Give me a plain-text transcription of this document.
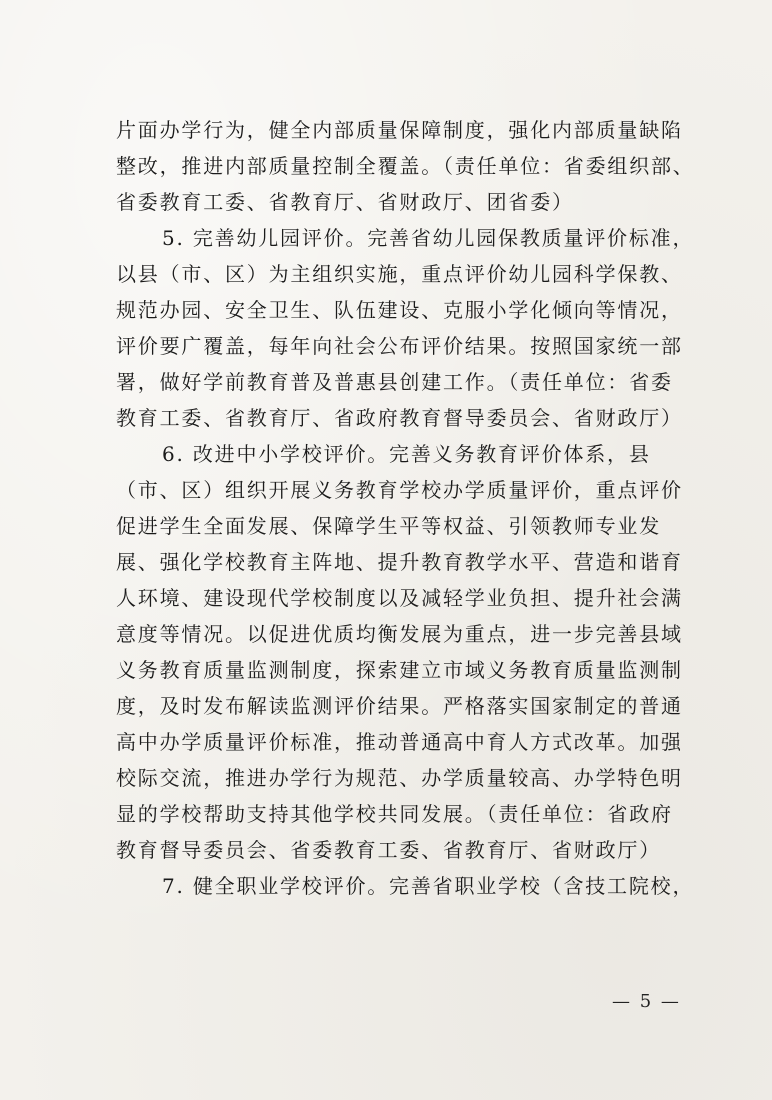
片面办学行为，健全内部质量保障制度，强化内部质量缺陷
整改，推进内部质量控制全覆盖。（责任单位：省委组织部、
省委教育工委、省教育厅、省财政厅、团省委）
5. 完善幼儿园评价。完善省幼儿园保教质量评价标准，
以县（市、区）为主组织实施，重点评价幼儿园科学保教、
规范办园、安全卫生、队伍建设、克服小学化倾向等情况，
评价要广覆盖，每年向社会公布评价结果。按照国家统一部
署，做好学前教育普及普惠县创建工作。（责任单位：省委
教育工委、省教育厅、省政府教育督导委员会、省财政厅）
6. 改进中小学校评价。完善义务教育评价体系，县
（市、区）组织开展义务教育学校办学质量评价，重点评价
促进学生全面发展、保障学生平等权益、引领教师专业发
展、强化学校教育主阵地、提升教育教学水平、营造和谐育
人环境、建设现代学校制度以及减轻学业负担、提升社会满
意度等情况。以促进优质均衡发展为重点，进一步完善县域
义务教育质量监测制度，探索建立市域义务教育质量监测制
度，及时发布解读监测评价结果。严格落实国家制定的普通
高中办学质量评价标准，推动普通高中育人方式改革。加强
校际交流，推进办学行为规范、办学质量较高、办学特色明
显的学校帮助支持其他学校共同发展。（责任单位：省政府
教育督导委员会、省委教育工委、省教育厅、省财政厅）
7. 健全职业学校评价。完善省职业学校（含技工院校，
— 5 —
